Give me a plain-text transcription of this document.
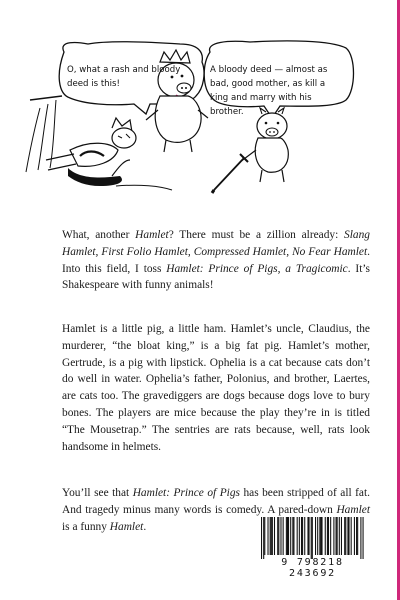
O, what a rash and bloody deed is this!
A bloody deed — almost as bad, good mother, as kill a king and marry with his brother.
What, another Hamlet? There must be a zillion already: Slang Hamlet, First Folio Hamlet, Compressed Hamlet, No Fear Hamlet. Into this field, I toss Hamlet: Prince of Pigs, a Tragicomic. It’s Shakespeare with funny animals!
Hamlet is a little pig, a little ham. Hamlet’s uncle, Claudius, the murderer, “the bloat king,” is a big fat pig. Hamlet’s mother, Gertrude, is a pig with lipstick. Ophelia is a cat because cats don’t do well in water. Ophelia’s father, Polonius, and brother, Laertes, are cats too. The gravediggers are dogs because dogs love to bury bones. The players are mice because the play they’re in is titled “The Mousetrap.” The sentries are rats because, well, rats look handsome in helmets.
You’ll see that Hamlet: Prince of Pigs has been stripped of all fat. And tragedy minus many words is comedy. A pared-down Hamlet is a funny Hamlet.
9 798218 243692
